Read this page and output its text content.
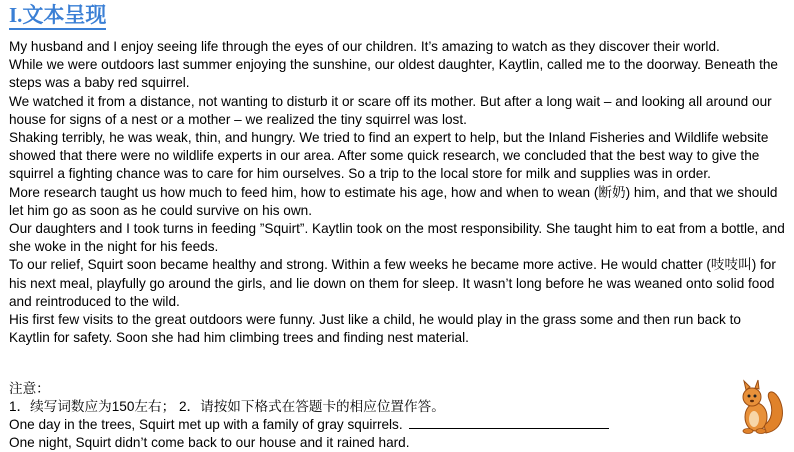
I.文本呈现

My husband and I enjoy seeing life through the eyes of our children. It’s amazing to watch as they discover their world.

While we were outdoors last summer enjoying the sunshine, our oldest daughter, Kaytlin, called me to the doorway. Beneath the steps was a baby red squirrel.

We watched it from a distance, not wanting to disturb it or scare off its mother. But after a long wait – and looking all around our house for signs of a nest or a mother – we realized the tiny squirrel was lost.

Shaking terribly, he was weak, thin, and hungry. We tried to find an expert to help, but the Inland Fisheries and Wildlife website showed that there were no wildlife experts in our area. After some quick research, we concluded that the best way to give the squirrel a fighting chance was to care for him ourselves. So a trip to the local store for milk and supplies was in order.

More research taught us how much to feed him, how to estimate his age, how and when to wean (断奶) him, and that we should let him go as soon as he could survive on his own.

Our daughters and I took turns in feeding ”Squirt”. Kaytlin took on the most responsibility. She taught him to eat from a bottle, and she woke in the night for his feeds.

To our relief, Squirt soon became healthy and strong. Within a few weeks he became more active. He would chatter (吱吱叫) for his next meal, playfully go around the girls, and lie down on them for sleep. It wasn’t long before he was weaned onto solid food and reintroduced to the wild.

His first few visits to the great outdoors were funny. Just like a child, he would play in the grass some and then run back to Kaytlin for safety. Soon she had him climbing trees and finding nest material.

注意：

1．续写词数应为150左右； 2．请按如下格式在答题卡的相应位置作答。

One day in the trees, Squirt met up with a family of gray squirrels.

One night, Squirt didn’t come back to our house and it rained hard.
